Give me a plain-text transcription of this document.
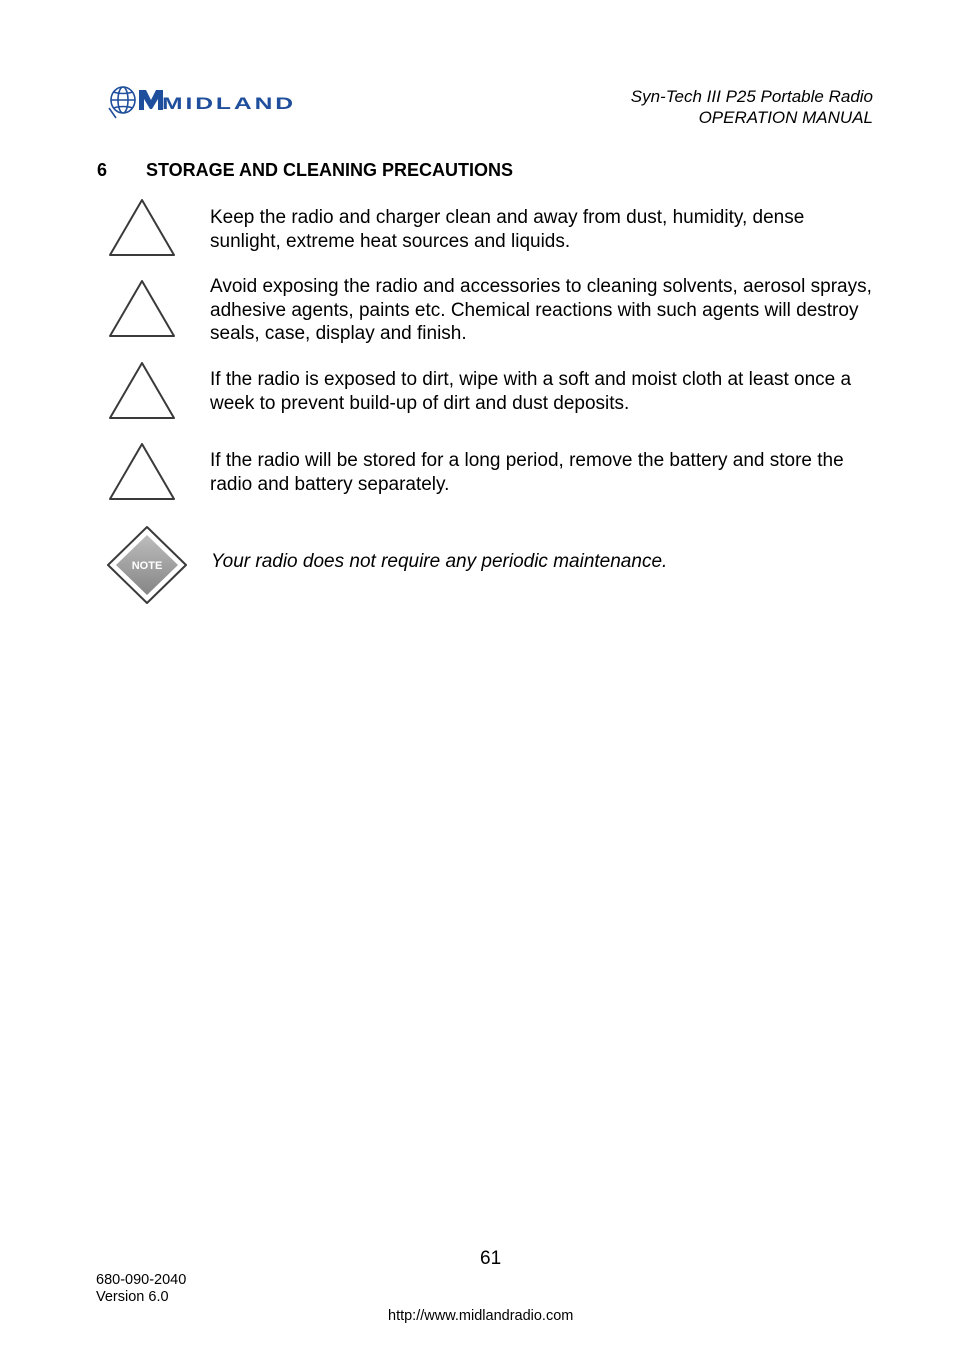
MIDLAND	Syn-Tech III P25 Portable Radio
OPERATION MANUAL
6 STORAGE AND CLEANING PRECAUTIONS
Keep the radio and charger clean and away from dust, humidity, dense sunlight, extreme heat sources and liquids.
Avoid exposing the radio and accessories to cleaning solvents, aerosol sprays, adhesive agents, paints etc. Chemical reactions with such agents will destroy seals, case, display and finish.
If the radio is exposed to dirt, wipe with a soft and moist cloth at least once a week to prevent build-up of dirt and dust deposits.
If the radio will be stored for a long period, remove the battery and store the radio and battery separately.
NOTE	Your radio does not require any periodic maintenance.
61
680-090-2040
Version 6.0
http://www.midlandradio.com
